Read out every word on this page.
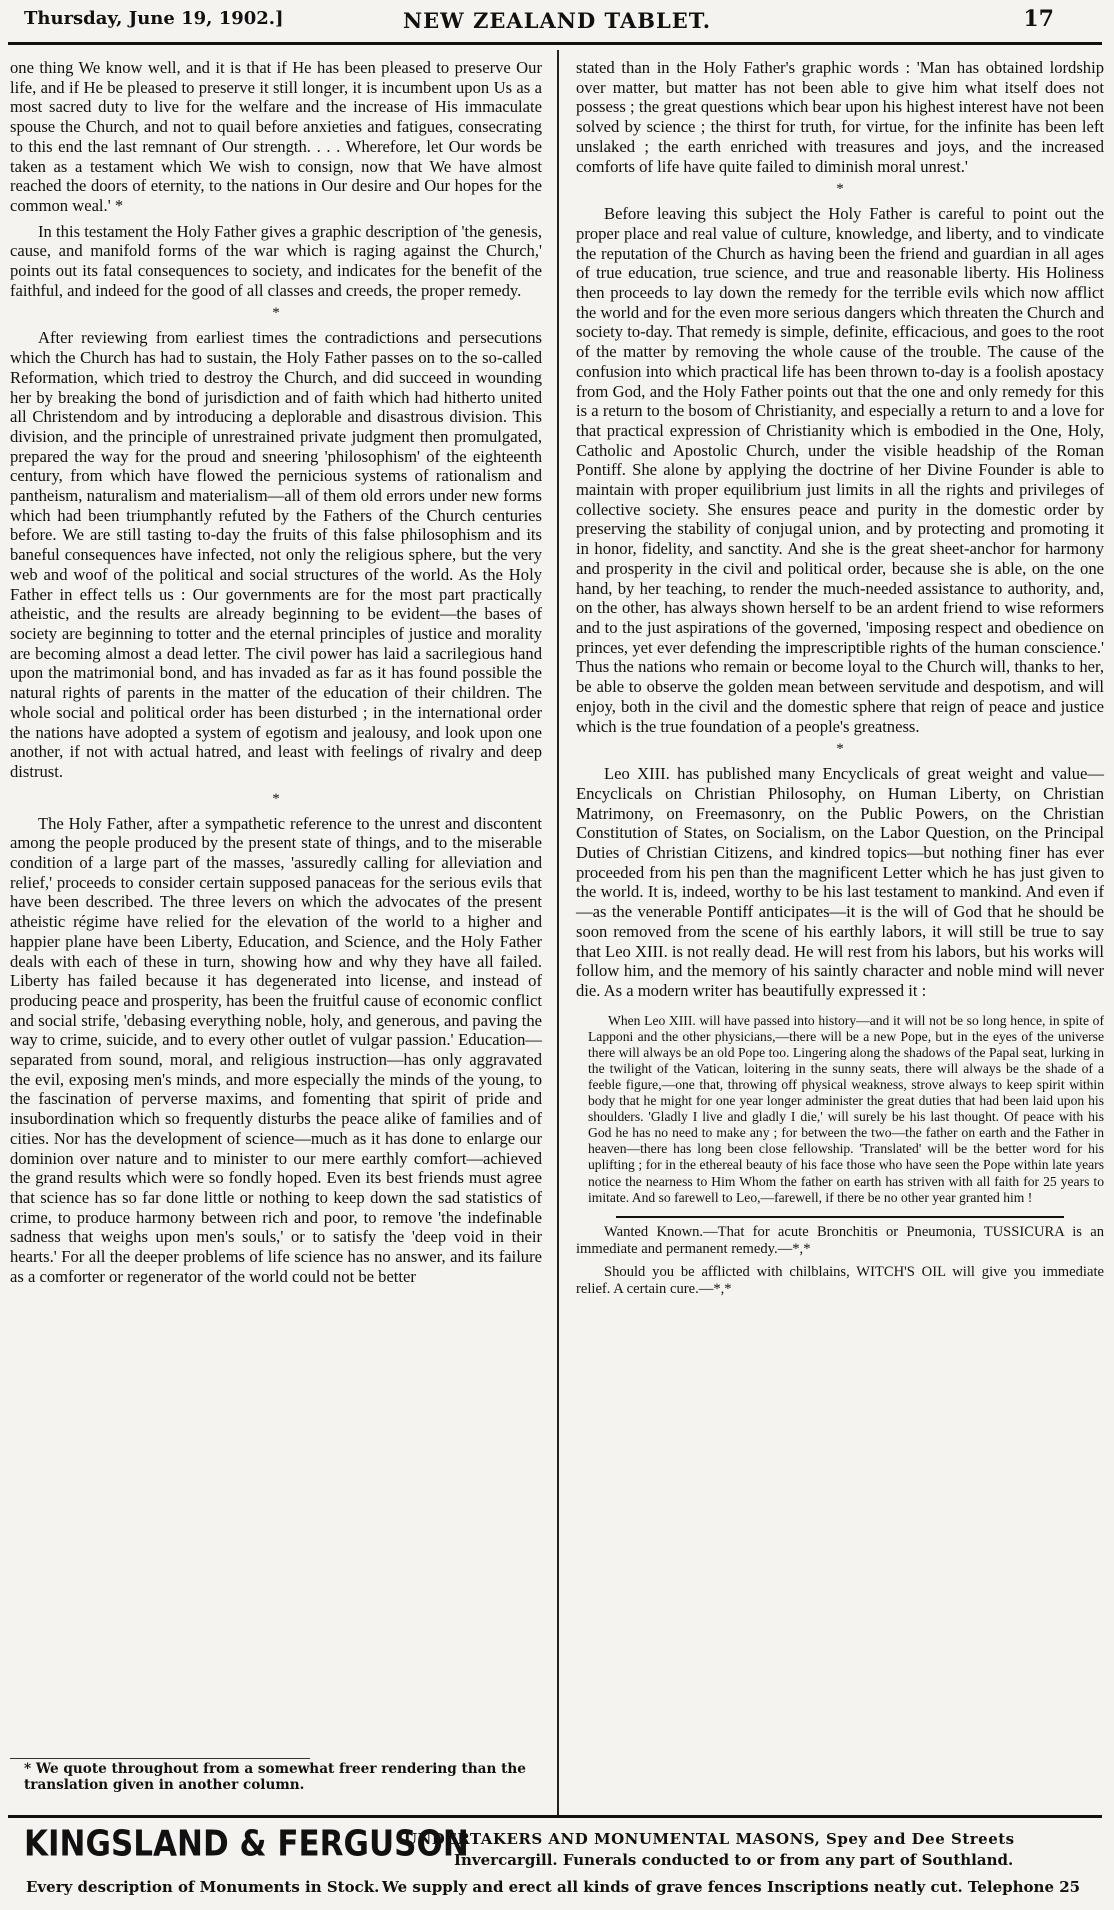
Thursday, June 19, 1902.]	NEW ZEALAND TABLET.	17

one thing We know well, and it is that if He has been pleased to preserve Our life, and if He be pleased to preserve it still longer, it is incumbent upon Us as a most sacred duty to live for the welfare and the increase of His immaculate spouse the Church, and not to quail before anxieties and fatigues, consecrating to this end the last remnant of Our strength. . . . Wherefore, let Our words be taken as a testament which We wish to consign, now that We have almost reached the doors of eternity, to the nations in Our desire and Our hopes for the common weal.' *

In this testament the Holy Father gives a graphic description of 'the genesis, cause, and manifold forms of the war which is raging against the Church,' points out its fatal consequences to society, and indicates for the benefit of the faithful, and indeed for the good of all classes and creeds, the proper remedy.

*

After reviewing from earliest times the contradictions and persecutions which the Church has had to sustain, the Holy Father passes on to the so-called Reformation, which tried to destroy the Church, and did succeed in wounding her by breaking the bond of jurisdiction and of faith which had hitherto united all Christendom and by introducing a deplorable and disastrous division. This division, and the principle of unrestrained private judgment then promulgated, prepared the way for the proud and sneering 'philosophism' of the eighteenth century, from which have flowed the pernicious systems of rationalism and pantheism, naturalism and materialism—all of them old errors under new forms which had been triumphantly refuted by the Fathers of the Church centuries before. We are still tasting to-day the fruits of this false philosophism and its baneful consequences have infected, not only the religious sphere, but the very web and woof of the political and social structures of the world. As the Holy Father in effect tells us : Our governments are for the most part practically atheistic, and the results are already beginning to be evident—the bases of society are beginning to totter and the eternal principles of justice and morality are becoming almost a dead letter. The civil power has laid a sacrilegious hand upon the matrimonial bond, and has invaded as far as it has found possible the natural rights of parents in the matter of the education of their children. The whole social and political order has been disturbed ; in the international order the nations have adopted a system of egotism and jealousy, and look upon one another, if not with actual hatred, and least with feelings of rivalry and deep distrust.

*

The Holy Father, after a sympathetic reference to the unrest and discontent among the people produced by the present state of things, and to the miserable condition of a large part of the masses, 'assuredly calling for alleviation and relief,' proceeds to consider certain supposed panaceas for the serious evils that have been described. The three levers on which the advocates of the present atheistic régime have relied for the elevation of the world to a higher and happier plane have been Liberty, Education, and Science, and the Holy Father deals with each of these in turn, showing how and why they have all failed. Liberty has failed because it has degenerated into license, and instead of producing peace and prosperity, has been the fruitful cause of economic conflict and social strife, 'debasing everything noble, holy, and generous, and paving the way to crime, suicide, and to every other outlet of vulgar passion.' Education—separated from sound, moral, and religious instruction—has only aggravated the evil, exposing men's minds, and more especially the minds of the young, to the fascination of perverse maxims, and fomenting that spirit of pride and insubordination which so frequently disturbs the peace alike of families and of cities. Nor has the development of science—much as it has done to enlarge our dominion over nature and to minister to our mere earthly comfort—achieved the grand results which were so fondly hoped. Even its best friends must agree that science has so far done little or nothing to keep down the sad statistics of crime, to produce harmony between rich and poor, to remove 'the indefinable sadness that weighs upon men's souls,' or to satisfy the 'deep void in their hearts.' For all the deeper problems of life science has no answer, and its failure as a comforter or regenerator of the world could not be better

* We quote throughout from a somewhat freer rendering than the translation given in another column.

stated than in the Holy Father's graphic words : 'Man has obtained lordship over matter, but matter has not been able to give him what itself does not possess ; the great questions which bear upon his highest interest have not been solved by science ; the thirst for truth, for virtue, for the infinite has been left unslaked ; the earth enriched with treasures and joys, and the increased comforts of life have quite failed to diminish moral unrest.'

*

Before leaving this subject the Holy Father is careful to point out the proper place and real value of culture, knowledge, and liberty, and to vindicate the reputation of the Church as having been the friend and guardian in all ages of true education, true science, and true and reasonable liberty. His Holiness then proceeds to lay down the remedy for the terrible evils which now afflict the world and for the even more serious dangers which threaten the Church and society to-day. That remedy is simple, definite, efficacious, and goes to the root of the matter by removing the whole cause of the trouble. The cause of the confusion into which practical life has been thrown to-day is a foolish apostacy from God, and the Holy Father points out that the one and only remedy for this is a return to the bosom of Christianity, and especially a return to and a love for that practical expression of Christianity which is embodied in the One, Holy, Catholic and Apostolic Church, under the visible headship of the Roman Pontiff. She alone by applying the doctrine of her Divine Founder is able to maintain with proper equilibrium just limits in all the rights and privileges of collective society. She ensures peace and purity in the domestic order by preserving the stability of conjugal union, and by protecting and promoting it in honor, fidelity, and sanctity. And she is the great sheet-anchor for harmony and prosperity in the civil and political order, because she is able, on the one hand, by her teaching, to render the much-needed assistance to authority, and, on the other, has always shown herself to be an ardent friend to wise reformers and to the just aspirations of the governed, 'imposing respect and obedience on princes, yet ever defending the imprescriptible rights of the human conscience.' Thus the nations who remain or become loyal to the Church will, thanks to her, be able to observe the golden mean between servitude and despotism, and will enjoy, both in the civil and the domestic sphere that reign of peace and justice which is the true foundation of a people's greatness.

*

Leo XIII. has published many Encyclicals of great weight and value—Encyclicals on Christian Philosophy, on Human Liberty, on Christian Matrimony, on Freemasonry, on the Public Powers, on the Christian Constitution of States, on Socialism, on the Labor Question, on the Principal Duties of Christian Citizens, and kindred topics—but nothing finer has ever proceeded from his pen than the magnificent Letter which he has just given to the world. It is, indeed, worthy to be his last testament to mankind. And even if—as the venerable Pontiff anticipates—it is the will of God that he should be soon removed from the scene of his earthly labors, it will still be true to say that Leo XIII. is not really dead. He will rest from his labors, but his works will follow him, and the memory of his saintly character and noble mind will never die. As a modern writer has beautifully expressed it :

When Leo XIII. will have passed into history—and it will not be so long hence, in spite of Lapponi and the other physicians,—there will be a new Pope, but in the eyes of the universe there will always be an old Pope too. Lingering along the shadows of the Papal seat, lurking in the twilight of the Vatican, loitering in the sunny seats, there will always be the shade of a feeble figure,—one that, throwing off physical weakness, strove always to keep spirit within body that he might for one year longer administer the great duties that had been laid upon his shoulders. 'Gladly I live and gladly I die,' will surely be his last thought. Of peace with his God he has no need to make any ; for between the two—the father on earth and the Father in heaven—there has long been close fellowship. 'Translated' will be the better word for his uplifting ; for in the ethereal beauty of his face those who have seen the Pope within late years notice the nearness to Him Whom the father on earth has striven with all faith for 25 years to imitate. And so farewell to Leo,—farewell, if there be no other year granted him !

Wanted Known.—That for acute Bronchitis or Pneumonia, TUSSICURA is an immediate and permanent remedy.—*,*

Should you be afflicted with chilblains, WITCH'S OIL will give you immediate relief. A certain cure.—*,*

KINGSLAND & FERGUSON
UNDERTAKERS AND MONUMENTAL MASONS, Spey and Dee Streets
Invercargill. Funerals conducted to or from any part of Southland.
Every description of Monuments in Stock. We supply and erect all kinds of grave fences Inscriptions neatly cut. Telephone 25
